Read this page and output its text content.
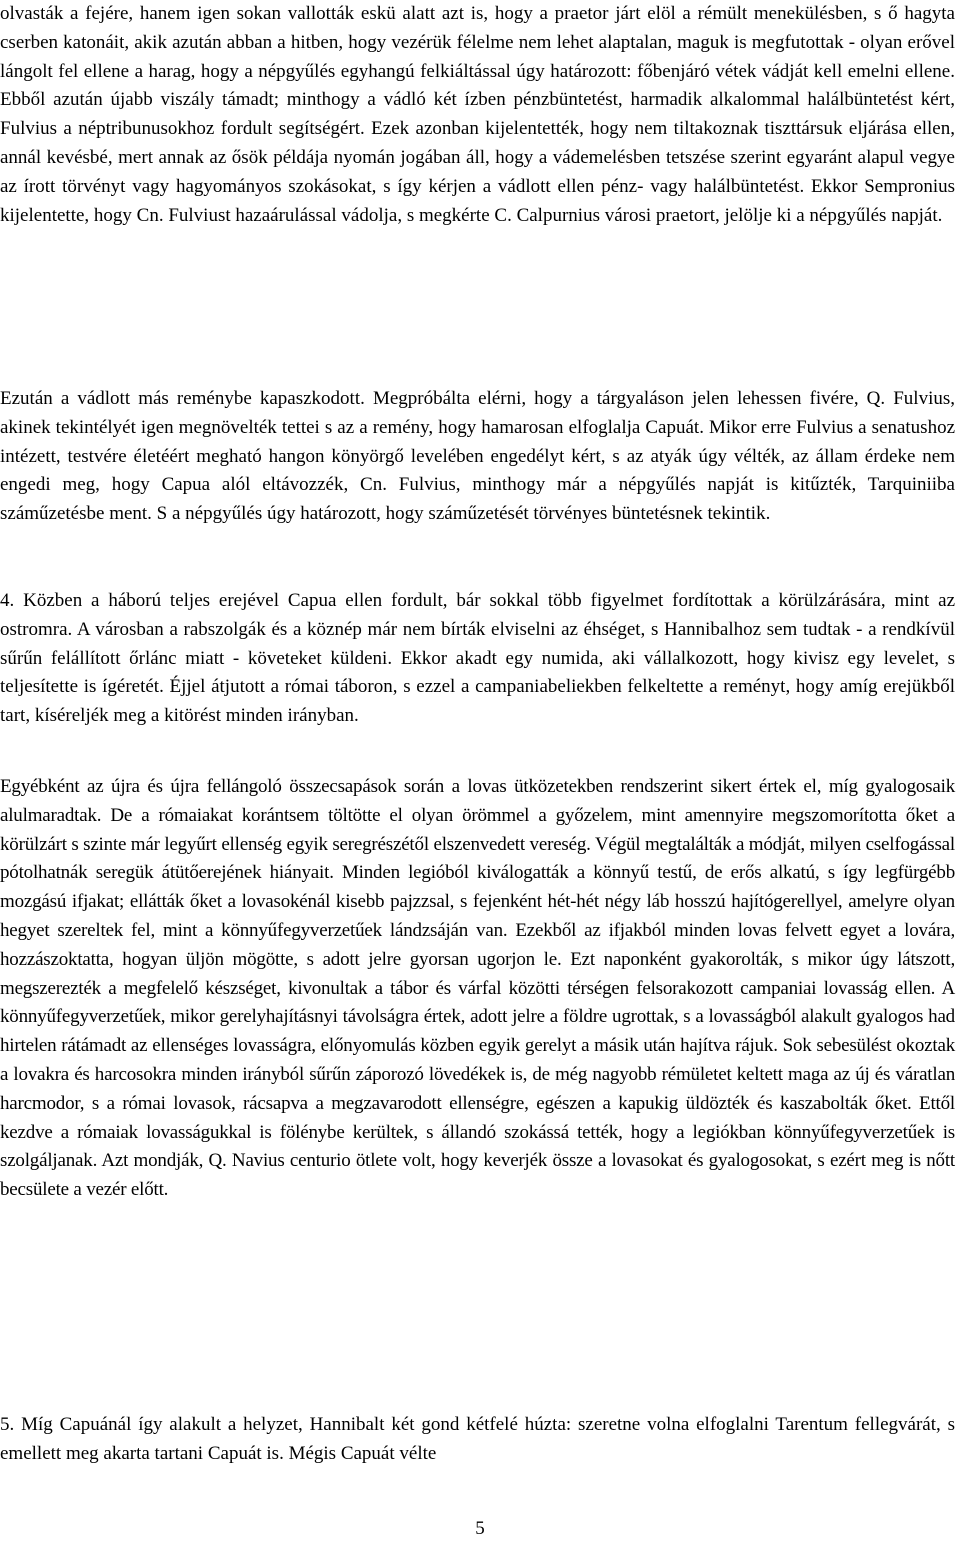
olvasták a fejére, hanem igen sokan vallották eskü alatt azt is, hogy a praetor járt elöl a rémült menekülésben, s ő hagyta cserben katonáit, akik azután abban a hitben, hogy vezérük félelme nem lehet alaptalan, maguk is megfutottak - olyan erővel lángolt fel ellene a harag, hogy a népgyűlés egyhangú felkiáltással úgy határozott: főbenjáró vétek vádját kell emelni ellene. Ebből azután újabb viszály támadt; minthogy a vádló két ízben pénzbüntetést, harmadik alkalommal halálbüntetést kért, Fulvius a néptribunusokhoz fordult segítségért. Ezek azonban kijelentették, hogy nem tiltakoznak tiszttársuk eljárása ellen, annál kevésbé, mert annak az ősök példája nyomán jogában áll, hogy a vádemelésben tetszése szerint egyaránt alapul vegye az írott törvényt vagy hagyományos szokásokat, s így kérjen a vádlott ellen pénz- vagy halálbüntetést. Ekkor Sempronius kijelentette, hogy Cn. Fulviust hazaárulással vádolja, s megkérte C. Calpurnius városi praetort, jelölje ki a népgyűlés napját.

Ezután a vádlott más reménybe kapaszkodott. Megpróbálta elérni, hogy a tárgyaláson jelen lehessen fivére, Q. Fulvius, akinek tekintélyét igen megnövelték tettei s az a remény, hogy hamarosan elfoglalja Capuát. Mikor erre Fulvius a senatushoz intézett, testvére életéért megható hangon könyörgő levelében engedélyt kért, s az atyák úgy vélték, az állam érdeke nem engedi meg, hogy Capua alól eltávozzék, Cn. Fulvius, minthogy már a népgyűlés napját is kitűzték, Tarquiniiba száműzetésbe ment. S a népgyűlés úgy határozott, hogy száműzetését törvényes büntetésnek tekintik.

4. Közben a háború teljes erejével Capua ellen fordult, bár sokkal több figyelmet fordítottak a körülzárására, mint az ostromra. A városban a rabszolgák és a köznép már nem bírták elviselni az éhséget, s Hannibalhoz sem tudtak - a rendkívül sűrűn felállított őrlánc miatt - követeket küldeni. Ekkor akadt egy numida, aki vállalkozott, hogy kivisz egy levelet, s teljesítette is ígéretét. Éjjel átjutott a római táboron, s ezzel a campaniabeliekben felkeltette a reményt, hogy amíg erejükből tart, kíséreljék meg a kitörést minden irányban.

Egyébként az újra és újra fellángoló összecsapások során a lovas ütközetekben rendszerint sikert értek el, míg gyalogosaik alulmaradtak. De a rómaiakat korántsem töltötte el olyan örömmel a győzelem, mint amennyire megszomorította őket a körülzárt s szinte már legyűrt ellenség egyik seregrészétől elszenvedett vereség. Végül megtalálták a módját, milyen cselfogással pótolhatnák seregük átütőerejének hiányait. Minden legióból kiválogatták a könnyű testű, de erős alkatú, s így legfürgébb mozgású ifjakat; ellátták őket a lovasokénál kisebb pajzzsal, s fejenként hét-hét négy láb hosszú hajítógerellyel, amelyre olyan hegyet szereltek fel, mint a könnyűfegyverzetűek lándzsáján van. Ezekből az ifjakból minden lovas felvett egyet a lovára, hozzászoktatta, hogyan üljön mögötte, s adott jelre gyorsan ugorjon le. Ezt naponként gyakorolták, s mikor úgy látszott, megszerezték a megfelelő készséget, kivonultak a tábor és várfal közötti térségen felsorakozott campaniai lovasság ellen. A könnyűfegyverzetűek, mikor gerelyhajításnyi távolságra értek, adott jelre a földre ugrottak, s a lovasságból alakult gyalogos had hirtelen rátámadt az ellenséges lovasságra, előnyomulás közben egyik gerelyt a másik után hajítva rájuk. Sok sebesülést okoztak a lovakra és harcosokra minden irányból sűrűn záporozó lövedékek is, de még nagyobb rémületet keltett maga az új és váratlan harcmodor, s a római lovasok, rácsapva a megzavarodott ellenségre, egészen a kapukig üldözték és kaszabolták őket. Ettől kezdve a rómaiak lovasságukkal is fölénybe kerültek, s állandó szokássá tették, hogy a legiókban könnyűfegyverzetűek is szolgáljanak. Azt mondják, Q. Navius centurio ötlete volt, hogy keverjék össze a lovasokat és gyalogosokat, s ezért meg is nőtt becsülete a vezér előtt.

5. Míg Capuánál így alakult a helyzet, Hannibalt két gond kétfelé húzta: szeretne volna elfoglalni Tarentum fellegvárát, s emellett meg akarta tartani Capuát is. Mégis Capuát vélte

5
